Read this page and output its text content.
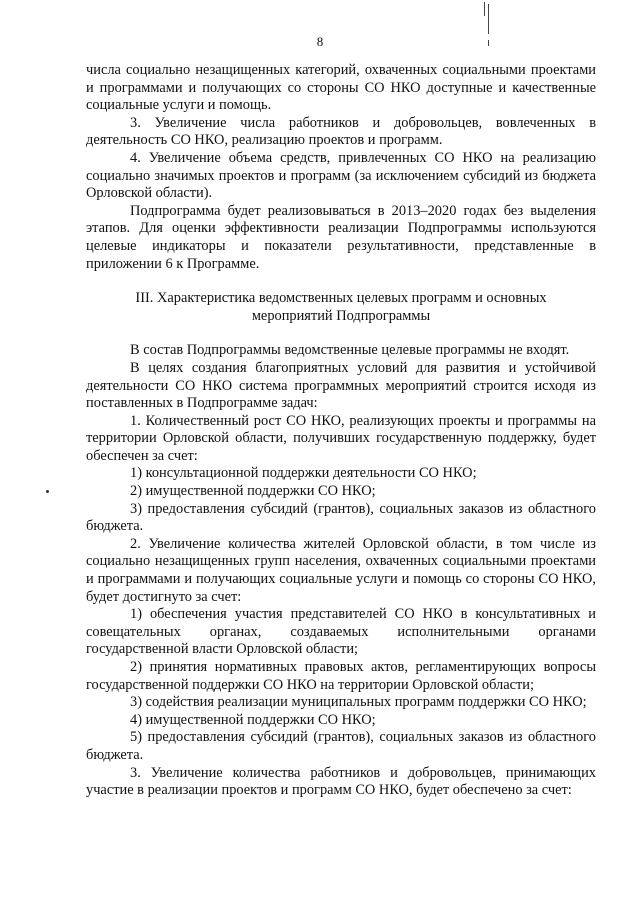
8

числа социально незащищенных категорий, охваченных социальными проектами и программами и получающих со стороны СО НКО доступные и качественные социальные услуги и помощь.

3. Увеличение числа работников и добровольцев, вовлеченных в деятельность СО НКО, реализацию проектов и программ.

4. Увеличение объема средств, привлеченных СО НКО на реализацию социально значимых проектов и программ (за исключением субсидий из бюджета Орловской области).

Подпрограмма будет реализовываться в 2013–2020 годах без выделения этапов. Для оценки эффективности реализации Подпрограммы используются целевые индикаторы и показатели результативности, представленные в приложении 6 к Программе.

III. Характеристика ведомственных целевых программ и основных

мероприятий Подпрограммы

В состав Подпрограммы ведомственные целевые программы не входят.

В целях создания благоприятных условий для развития и устойчивой деятельности СО НКО система программных мероприятий строится исходя из поставленных в Подпрограмме задач:

1. Количественный рост СО НКО, реализующих проекты и программы на территории Орловской области, получивших государственную поддержку, будет обеспечен за счет:

1) консультационной поддержки деятельности СО НКО;

2) имущественной поддержки СО НКО;

3) предоставления субсидий (грантов), социальных заказов из областного бюджета.

2. Увеличение количества жителей Орловской области, в том числе из социально незащищенных групп населения, охваченных социальными проектами и программами и получающих социальные услуги и помощь со стороны СО НКО, будет достигнуто за счет:

1) обеспечения участия представителей СО НКО в консультативных и совещательных органах, создаваемых исполнительными органами государственной власти Орловской области;

2) принятия нормативных правовых актов, регламентирующих вопросы государственной поддержки СО НКО на территории Орловской области;

3) содействия реализации муниципальных программ поддержки СО НКО;

4) имущественной поддержки СО НКО;

5) предоставления субсидий (грантов), социальных заказов из областного бюджета.

3. Увеличение количества работников и добровольцев, принимающих участие в реализации проектов и программ СО НКО, будет обеспечено за счет:
